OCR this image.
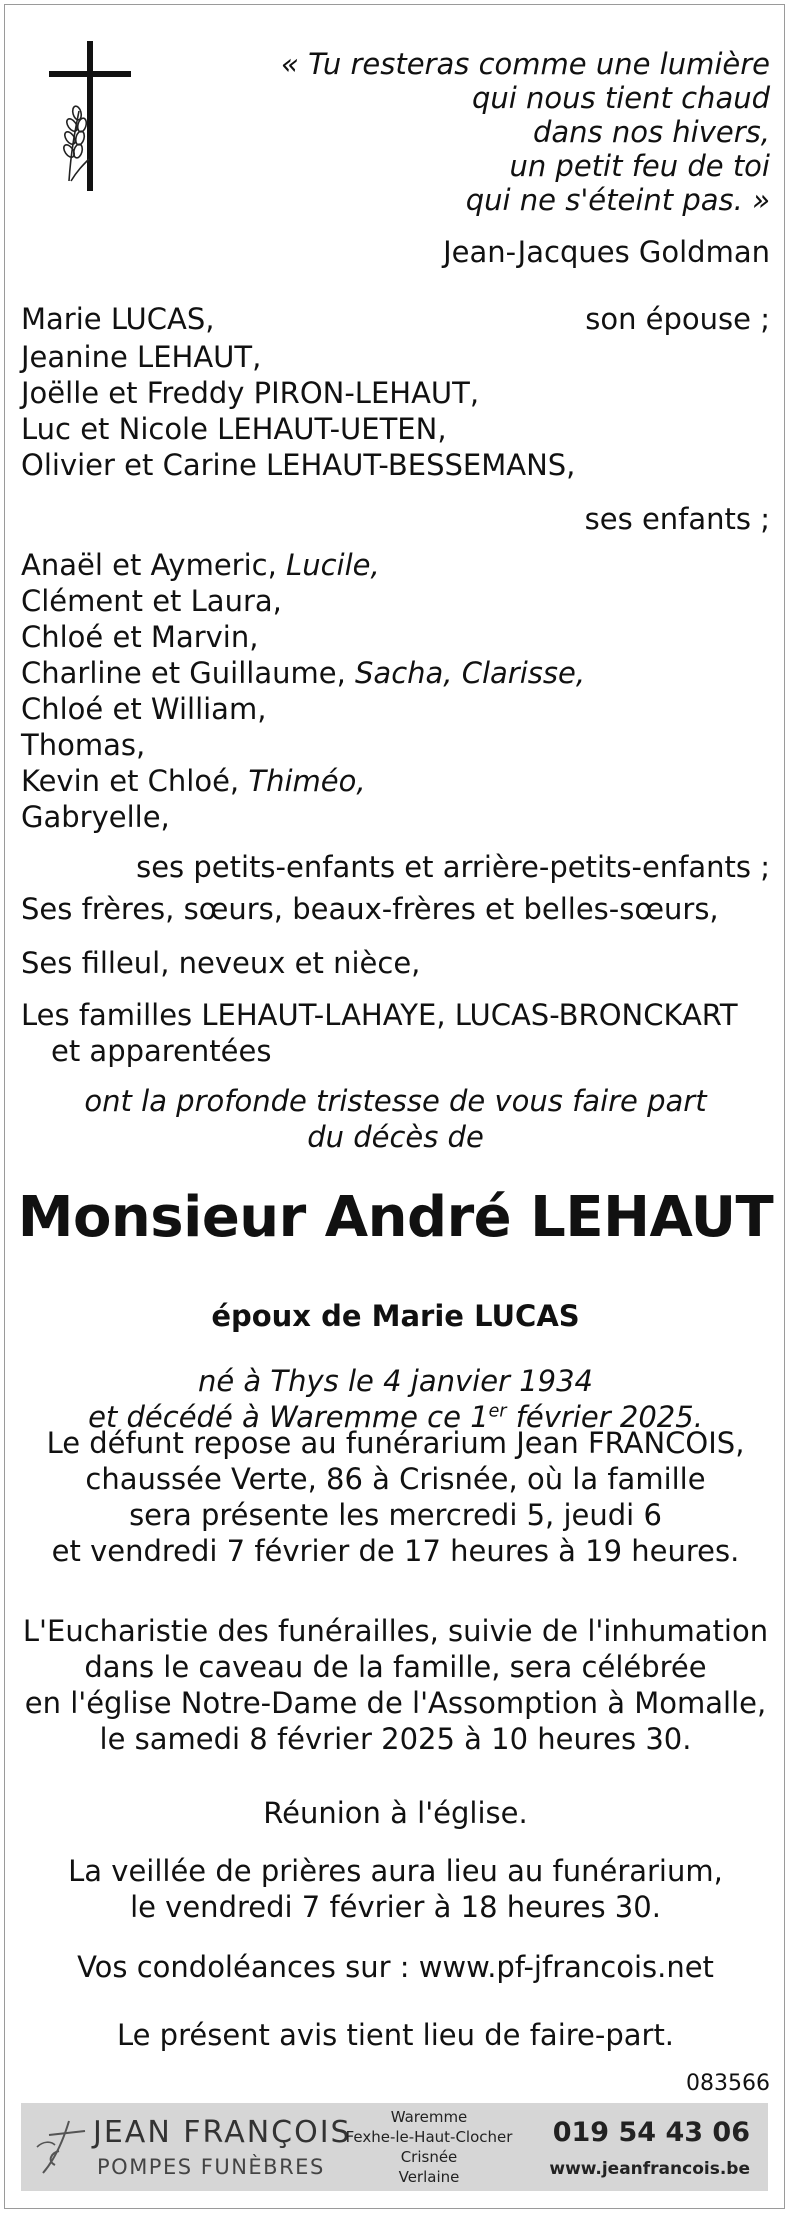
« Tu resteras comme une lumière
qui nous tient chaud
dans nos hivers,
un petit feu de toi
qui ne s'éteint pas. »
Jean-Jacques Goldman
Marie LUCAS,	son épouse ;
Jeanine LEHAUT,
Joëlle et Freddy PIRON-LEHAUT,
Luc et Nicole LEHAUT-UETEN,
Olivier et Carine LEHAUT-BESSEMANS,
ses enfants ;
Anaël et Aymeric, Lucile,
Clément et Laura,
Chloé et Marvin,
Charline et Guillaume, Sacha, Clarisse,
Chloé et William,
Thomas,
Kevin et Chloé, Thiméo,
Gabryelle,
ses petits-enfants et arrière-petits-enfants ;
Ses frères, sœurs, beaux-frères et belles-sœurs,
Ses filleul, neveux et nièce,
Les familles LEHAUT-LAHAYE, LUCAS-BRONCKART
et apparentées
ont la profonde tristesse de vous faire part
du décès de
Monsieur André LEHAUT
époux de Marie LUCAS
né à Thys le 4 janvier 1934
et décédé à Waremme ce 1er février 2025.
Le défunt repose au funérarium Jean FRANCOIS,
chaussée Verte, 86 à Crisnée, où la famille
sera présente les mercredi 5, jeudi 6
et vendredi 7 février de 17 heures à 19 heures.
L'Eucharistie des funérailles, suivie de l'inhumation
dans le caveau de la famille, sera célébrée
en l'église Notre-Dame de l'Assomption à Momalle,
le samedi 8 février 2025 à 10 heures 30.
Réunion à l'église.
La veillée de prières aura lieu au funérarium,
le vendredi 7 février à 18 heures 30.
Vos condoléances sur : www.pf-jfrancois.net
Le présent avis tient lieu de faire-part.
083566
JEAN FRANÇOIS
POMPES FUNÈBRES
Waremme
Fexhe-le-Haut-Clocher
Crisnée
Verlaine
019 54 43 06
www.jeanfrancois.be
